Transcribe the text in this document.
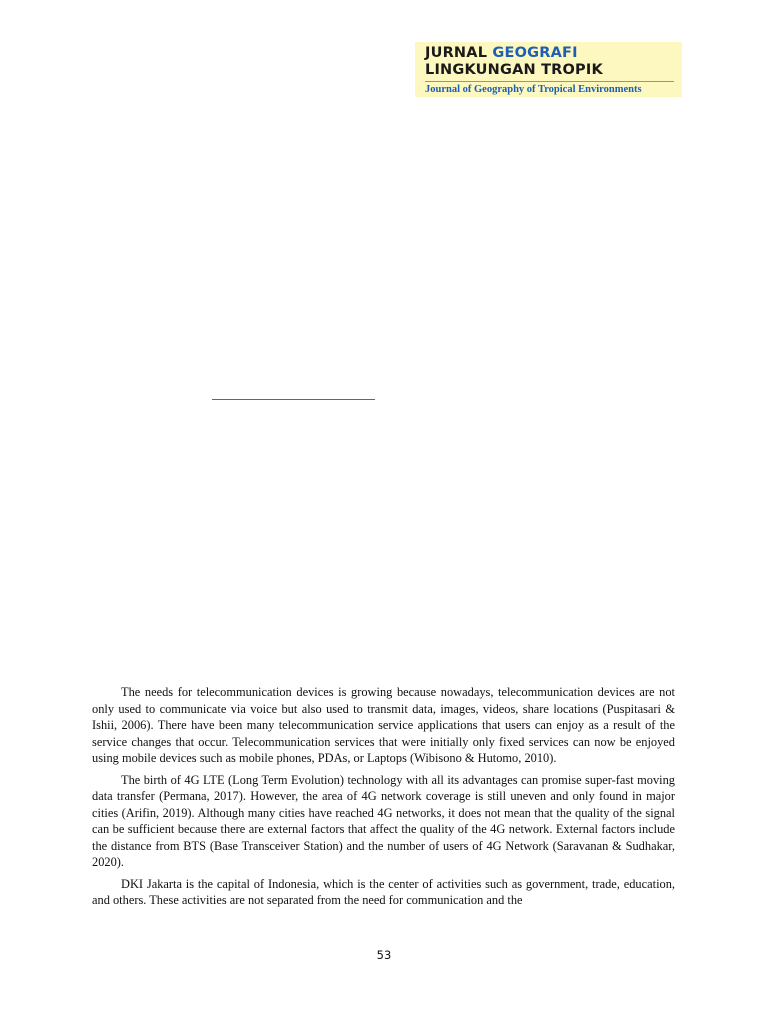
JURNAL GEOGRAFI
LINGKUNGAN TROPIK
Journal of Geography of Tropical Environments

The needs for telecommunication devices is growing because nowadays, telecommunication devices are not only used to communicate via voice but also used to transmit data, images, videos, share locations (Puspitasari & Ishii, 2006). There have been many telecommunication service applications that users can enjoy as a result of the service changes that occur. Telecommunication services that were initially only fixed services can now be enjoyed using mobile devices such as mobile phones, PDAs, or Laptops (Wibisono & Hutomo, 2010).

The birth of 4G LTE (Long Term Evolution) technology with all its advantages can promise super-fast moving data transfer (Permana, 2017). However, the area of 4G network coverage is still uneven and only found in major cities (Arifin, 2019). Although many cities have reached 4G networks, it does not mean that the quality of the signal can be sufficient because there are external factors that affect the quality of the 4G network. External factors include the distance from BTS (Base Transceiver Station) and the number of users of 4G Network (Saravanan & Sudhakar, 2020).

DKI Jakarta is the capital of Indonesia, which is the center of activities such as government, trade, education, and others. These activities are not separated from the need for communication and the

53
